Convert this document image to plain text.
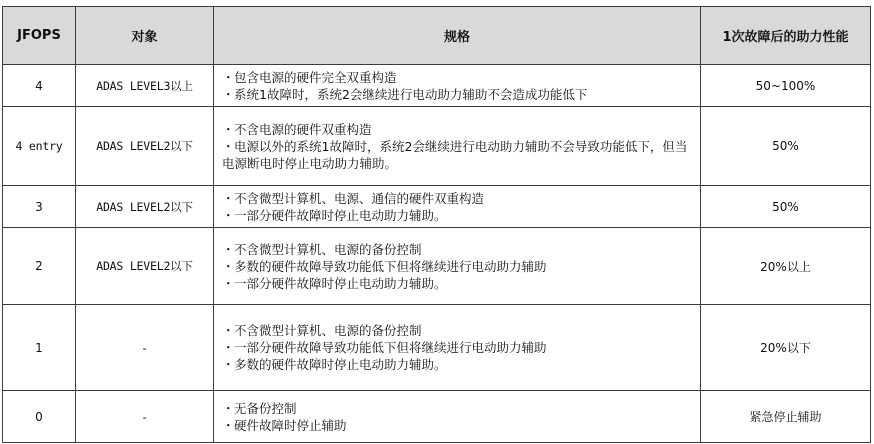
JFOPS	对象	规格	1次故障后的助力性能
4	ADAS LEVEL3以上	・包含电源的硬件完全双重构造
・系统1故障时，系统2会继续进行电动助力辅助不会造成功能低下	50~100%
4 entry	ADAS LEVEL2以下	・不含电源的硬件双重构造
・电源以外的系统1故障时，系统2会继续进行电动助力辅助不会导致功能低下，但当电源断电时停止电动助力辅助。	50%
3	ADAS LEVEL2以下	・不含微型计算机、电源、通信的硬件双重构造
・一部分硬件故障时停止电动助力辅助。	50%
2	ADAS LEVEL2以下	・不含微型计算机、电源的备份控制
・多数的硬件故障导致功能低下但将继续进行电动助力辅助
・一部分硬件故障时停止电动助力辅助。	20%以上
1	-	・不含微型计算机、电源的备份控制
・一部分硬件故障导致功能低下但将继续进行电动助力辅助
・多数的硬件故障时停止电动助力辅助。	20%以下
0	-	・无备份控制
・硬件故障时停止辅助	紧急停止辅助
